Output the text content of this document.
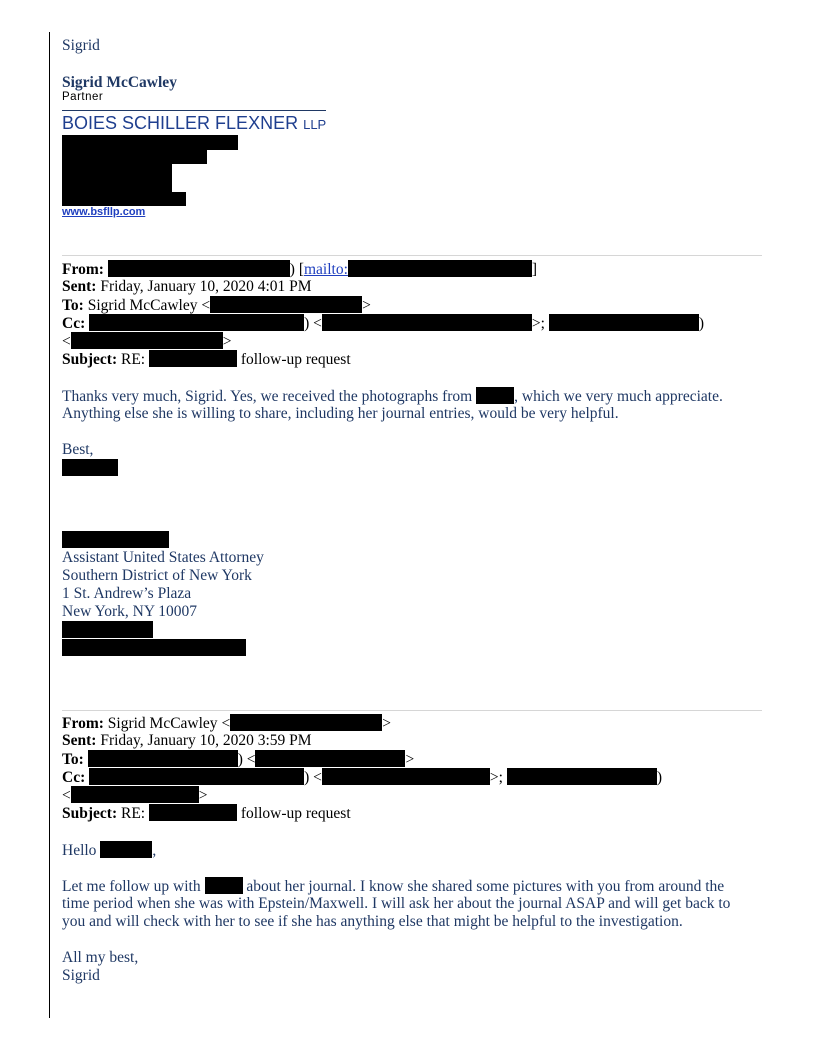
Sigrid
Sigrid McCawley
Partner
BOIES SCHILLER FLEXNER LLP
www.bsfllp.com
From:	) [mailto:	]
Sent: Friday, January 10, 2020 4:01 PM
To: Sigrid McCawley <	>
Cc:	) <	>;	)
<	>
Subject: RE:	follow-up request
Thanks very much, Sigrid. Yes, we received the photographs from	, which we very much appreciate.
Anything else she is willing to share, including her journal entries, would be very helpful.
Best,
Assistant United States Attorney
Southern District of New York
1 St. Andrew’s Plaza
New York, NY 10007
From: Sigrid McCawley <	>
Sent: Friday, January 10, 2020 3:59 PM
To:	) <	>
Cc:	) <	>;	)
<	>
Subject: RE:	follow-up request
Hello	,
Let me follow up with	about her journal. I know she shared some pictures with you from around the
time period when she was with Epstein/Maxwell. I will ask her about the journal ASAP and will get back to
you and will check with her to see if she has anything else that might be helpful to the investigation.
All my best,
Sigrid
